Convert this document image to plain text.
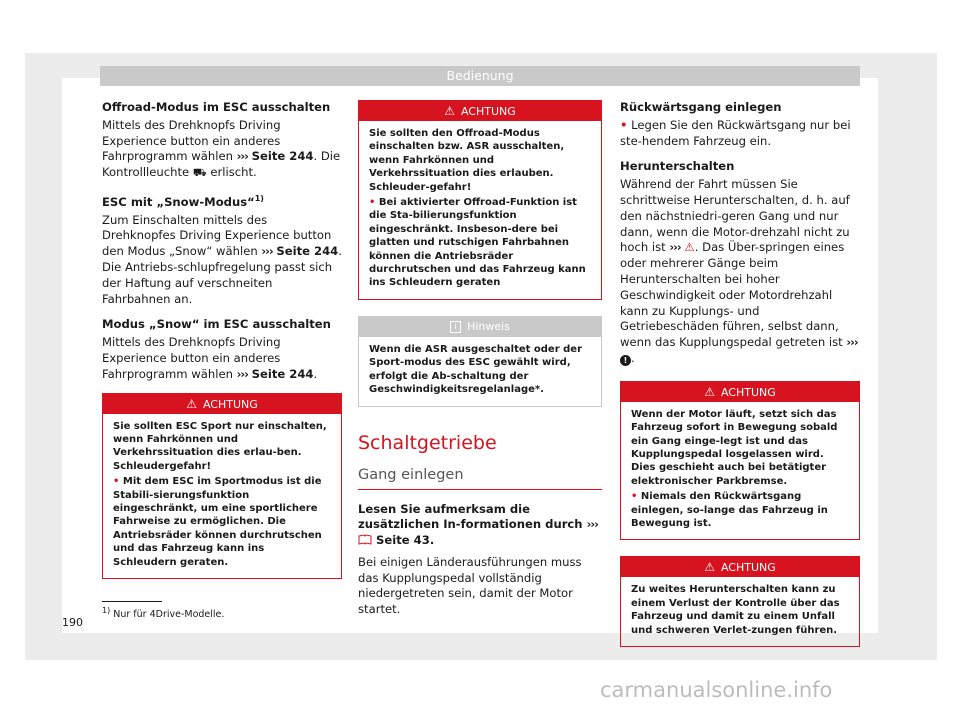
Bedienung

Offroad-Modus im ESC ausschalten

Mittels des Drehknopfs Driving Experience button ein anderes Fahrprogramm wählen ››› Seite 244. Die Kontrollleuchte ⛟ erlischt.

ESC mit „Snow-Modus“$^{1)}$

Zum Einschalten mittels des Drehknopfes Driving Experience button den Modus „Snow“ wählen ››› Seite 244. Die Antriebs-schlupfregelung passt sich der Haftung auf verschneiten Fahrbahnen an.

Modus „Snow“ im ESC ausschalten

Mittels des Drehknopfs Driving Experience button ein anderes Fahrprogramm wählen ››› Seite 244.

⚠ ACHTUNG

Sie sollten ESC Sport nur einschalten, wenn Fahrkönnen und Verkehrssituation dies erlau-ben. Schleudergefahr!

• Mit dem ESC im Sportmodus ist die Stabili-sierungsfunktion eingeschränkt, um eine sportlichere Fahrweise zu ermöglichen. Die Antriebsräder können durchrutschen und das Fahrzeug kann ins Schleudern geraten.

⚠ ACHTUNG

Sie sollten den Offroad-Modus einschalten bzw. ASR ausschalten, wenn Fahrkönnen und Verkehrssituation dies erlauben. Schleuder-gefahr!

• Bei aktivierter Offroad-Funktion ist die Sta-bilierungsfunktion eingeschränkt. Insbeson-dere bei glatten und rutschigen Fahrbahnen können die Antriebsräder durchrutschen und das Fahrzeug kann ins Schleudern geraten

i Hinweis

Wenn die ASR ausgeschaltet oder der Sport-modus des ESC gewählt wird, erfolgt die Ab-schaltung der Geschwindigkeitsregelanlage*.

Schaltgetriebe

Gang einlegen

Lesen Sie aufmerksam die zusätzlichen In-formationen durch ›››  Seite 43.

Bei einigen Länderausführungen muss das Kupplungspedal vollständig niedergetreten sein, damit der Motor startet.

Rückwärtsgang einlegen

• Legen Sie den Rückwärtsgang nur bei ste-hendem Fahrzeug ein.

Herunterschalten

Während der Fahrt müssen Sie schrittweise Herunterschalten, d. h. auf den nächstniedri-geren Gang und nur dann, wenn die Motor-drehzahl nicht zu hoch ist ››› ⚠. Das Über-springen eines oder mehrerer Gänge beim Herunterschalten bei hoher Geschwindigkeit oder Motordrehzahl kann zu Kupplungs- und Getriebeschäden führen, selbst dann, wenn das Kupplungspedal getreten ist ››› ! .

⚠ ACHTUNG

Wenn der Motor läuft, setzt sich das Fahrzeug sofort in Bewegung sobald ein Gang einge-legt ist und das Kupplungspedal losgelassen wird. Dies geschieht auch bei betätigter elektronischer Parkbremse.

• Niemals den Rückwärtsgang einlegen, so-lange das Fahrzeug in Bewegung ist.

⚠ ACHTUNG

Zu weites Herunterschalten kann zu einem Verlust der Kontrolle über das Fahrzeug und damit zu einem Unfall und schweren Verlet-zungen führen.

$^{1)}$ Nur für 4Drive-Modelle.
190
carmanualsonline.info
